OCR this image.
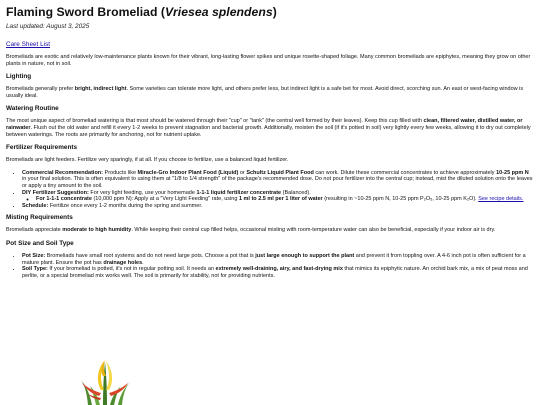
Flaming Sword Bromeliad (Vriesea splendens)
Last updated: August 3, 2025
Care Sheet List

Bromeliads are exotic and relatively low-maintenance plants known for their vibrant, long-lasting flower spikes and unique rosette-shaped foliage. Many common bromeliads are epiphytes, meaning they grow on other plants in nature, not in soil.

Lighting

Bromeliads generally prefer bright, indirect light. Some varieties can tolerate more light, and others prefer less, but indirect light is a safe bet for most. Avoid direct, scorching sun. An east or west-facing window is usually ideal.

Watering Routine

The most unique aspect of bromeliad watering is that most should be watered through their "cup" or "tank" (the central well formed by their leaves). Keep this cup filled with clean, filtered water, distilled water, or rainwater. Flush out the old water and refill it every 1-2 weeks to prevent stagnation and bacterial growth. Additionally, moisten the soil (if it's potted in soil) very lightly every few weeks, allowing it to dry out completely between waterings. The roots are primarily for anchoring, not for nutrient uptake.

Fertilizer Requirements

Bromeliads are light feeders. Fertilize very sparingly, if at all. If you choose to fertilize, use a balanced liquid fertilizer.

• Commercial Recommendation: Products like Miracle-Gro Indoor Plant Food (Liquid) or Schultz Liquid Plant Food can work. Dilute these commercial concentrates to achieve approximately 10-25 ppm N in your final solution. This is often equivalent to using them at "1/8 to 1/4 strength" of the package's recommended dose. Do not pour fertilizer into the central cup; instead, mist the diluted solution onto the leaves or apply a tiny amount to the soil.
• DIY Fertilizer Suggestion: For very light feeding, use your homemade 1-1-1 liquid fertilizer concentrate (Balanced).
◦ For 1-1-1 concentrate (10,000 ppm N): Apply at a "Very Light Feeding" rate, using 1 ml to 2.5 ml per 1 liter of water (resulting in ~10-25 ppm N, 10-25 ppm P₂O₅, 10-25 ppm K₂O). See recipe details.
• Schedule: Fertilize once every 1-2 months during the spring and summer.
Misting Requirements

Bromeliads appreciate moderate to high humidity. While keeping their central cup filled helps, occasional misting with room-temperature water can also be beneficial, especially if your indoor air is dry.

Pot Size and Soil Type
• Pot Size: Bromeliads have small root systems and do not need large pots. Choose a pot that is just large enough to support the plant and prevent it from toppling over. A 4-6 inch pot is often sufficient for a mature plant. Ensure the pot has drainage holes.
• Soil Type: If your bromeliad is potted, it's not in regular potting soil. It needs an extremely well-draining, airy, and fast-drying mix that mimics its epiphytic nature. An orchid bark mix, a mix of peat moss and perlite, or a special bromeliad mix works well. The soil is primarily for stability, not for providing nutrients.
